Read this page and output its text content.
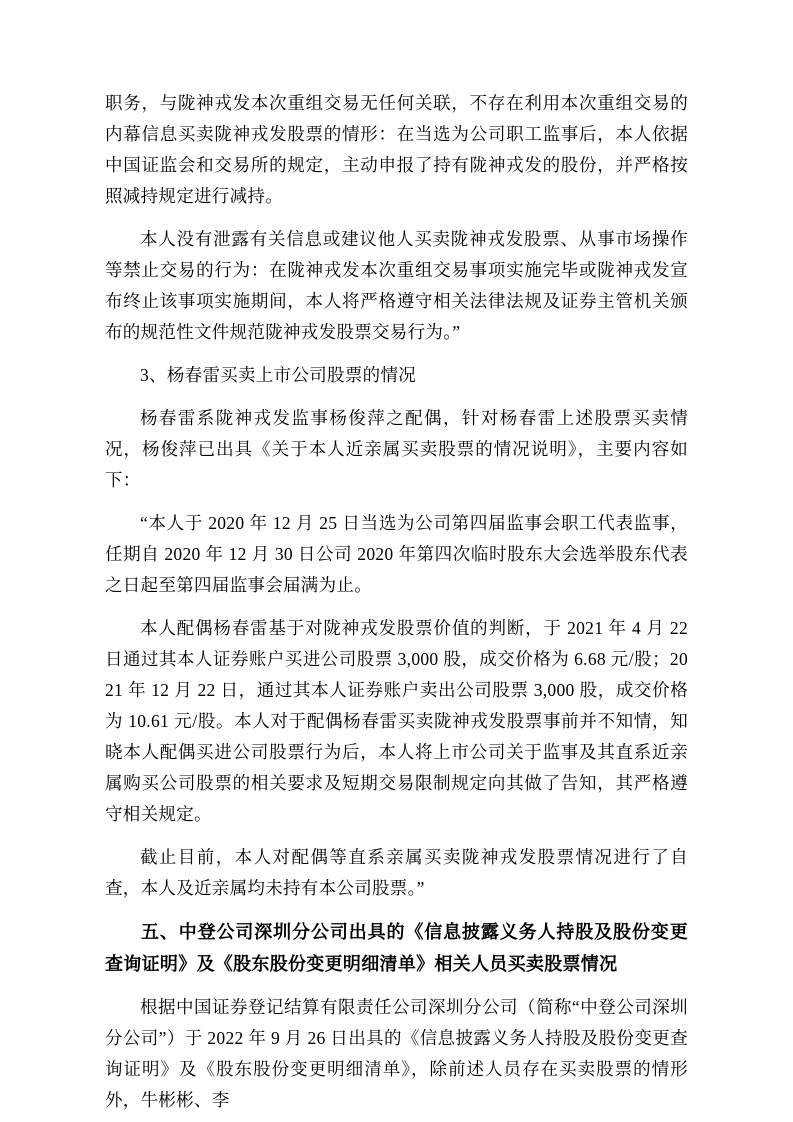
职务，与陇神戎发本次重组交易无任何关联，不存在利用本次重组交易的内幕信息买卖陇神戎发股票的情形：在当选为公司职工监事后，本人依据中国证监会和交易所的规定，主动申报了持有陇神戎发的股份，并严格按照减持规定进行减持。

本人没有泄露有关信息或建议他人买卖陇神戎发股票、从事市场操作等禁止交易的行为：在陇神戎发本次重组交易事项实施完毕或陇神戎发宣布终止该事项实施期间，本人将严格遵守相关法律法规及证券主管机关颁布的规范性文件规范陇神戎发股票交易行为。”

3、杨春雷买卖上市公司股票的情况

杨春雷系陇神戎发监事杨俊萍之配偶，针对杨春雷上述股票买卖情况，杨俊萍已出具《关于本人近亲属买卖股票的情况说明》，主要内容如下：

“本人于 2020 年 12 月 25 日当选为公司第四届监事会职工代表监事，任期自 2020 年 12 月 30 日公司 2020 年第四次临时股东大会选举股东代表之日起至第四届监事会届满为止。

本人配偶杨春雷基于对陇神戎发股票价值的判断，于 2021 年 4 月 22 日通过其本人证券账户买进公司股票 3,000 股，成交价格为 6.68 元/股；2021 年 12 月 22 日，通过其本人证券账户卖出公司股票 3,000 股，成交价格为 10.61 元/股。本人对于配偶杨春雷买卖陇神戎发股票事前并不知情，知晓本人配偶买进公司股票行为后，本人将上市公司关于监事及其直系近亲属购买公司股票的相关要求及短期交易限制规定向其做了告知，其严格遵守相关规定。

截止目前，本人对配偶等直系亲属买卖陇神戎发股票情况进行了自查，本人及近亲属均未持有本公司股票。”

五、中登公司深圳分公司出具的《信息披露义务人持股及股份变更查询证明》及《股东股份变更明细清单》相关人员买卖股票情况

根据中国证券登记结算有限责任公司深圳分公司（简称“中登公司深圳分公司”）于 2022 年 9 月 26 日出具的《信息披露义务人持股及股份变更查询证明》及《股东股份变更明细清单》，除前述人员存在买卖股票的情形外，牛彬彬、李
